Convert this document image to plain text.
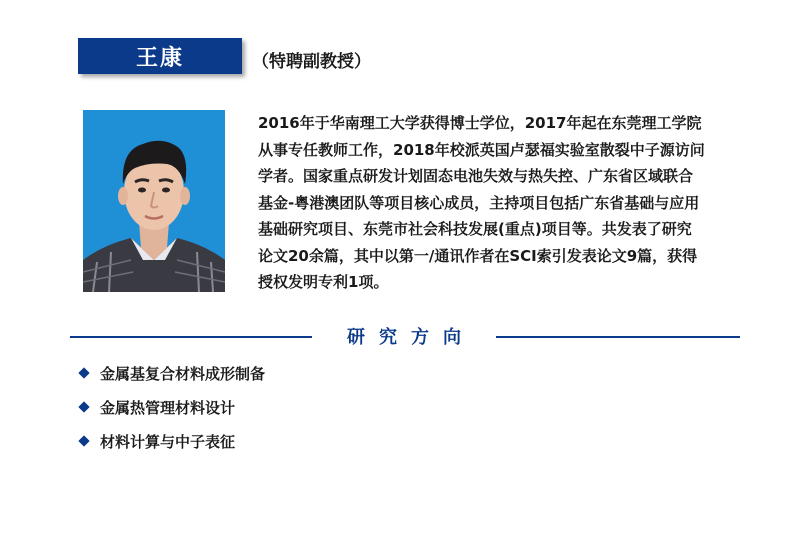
王康	（特聘副教授）
2016年于华南理工大学获得博士学位，2017年起在东莞理工学院
从事专任教师工作，2018年校派英国卢瑟福实验室散裂中子源访问
学者。国家重点研发计划固态电池失效与热失控、广东省区域联合
基金-粤港澳团队等项目核心成员，主持项目包括广东省基础与应用
基础研究项目、东莞市社会科技发展(重点)项目等。共发表了研究
论文20余篇，其中以第一/通讯作者在SCI索引发表论文9篇，获得
授权发明专利1项。
研究方向
金属基复合材料成形制备
金属热管理材料设计
材料计算与中子表征
